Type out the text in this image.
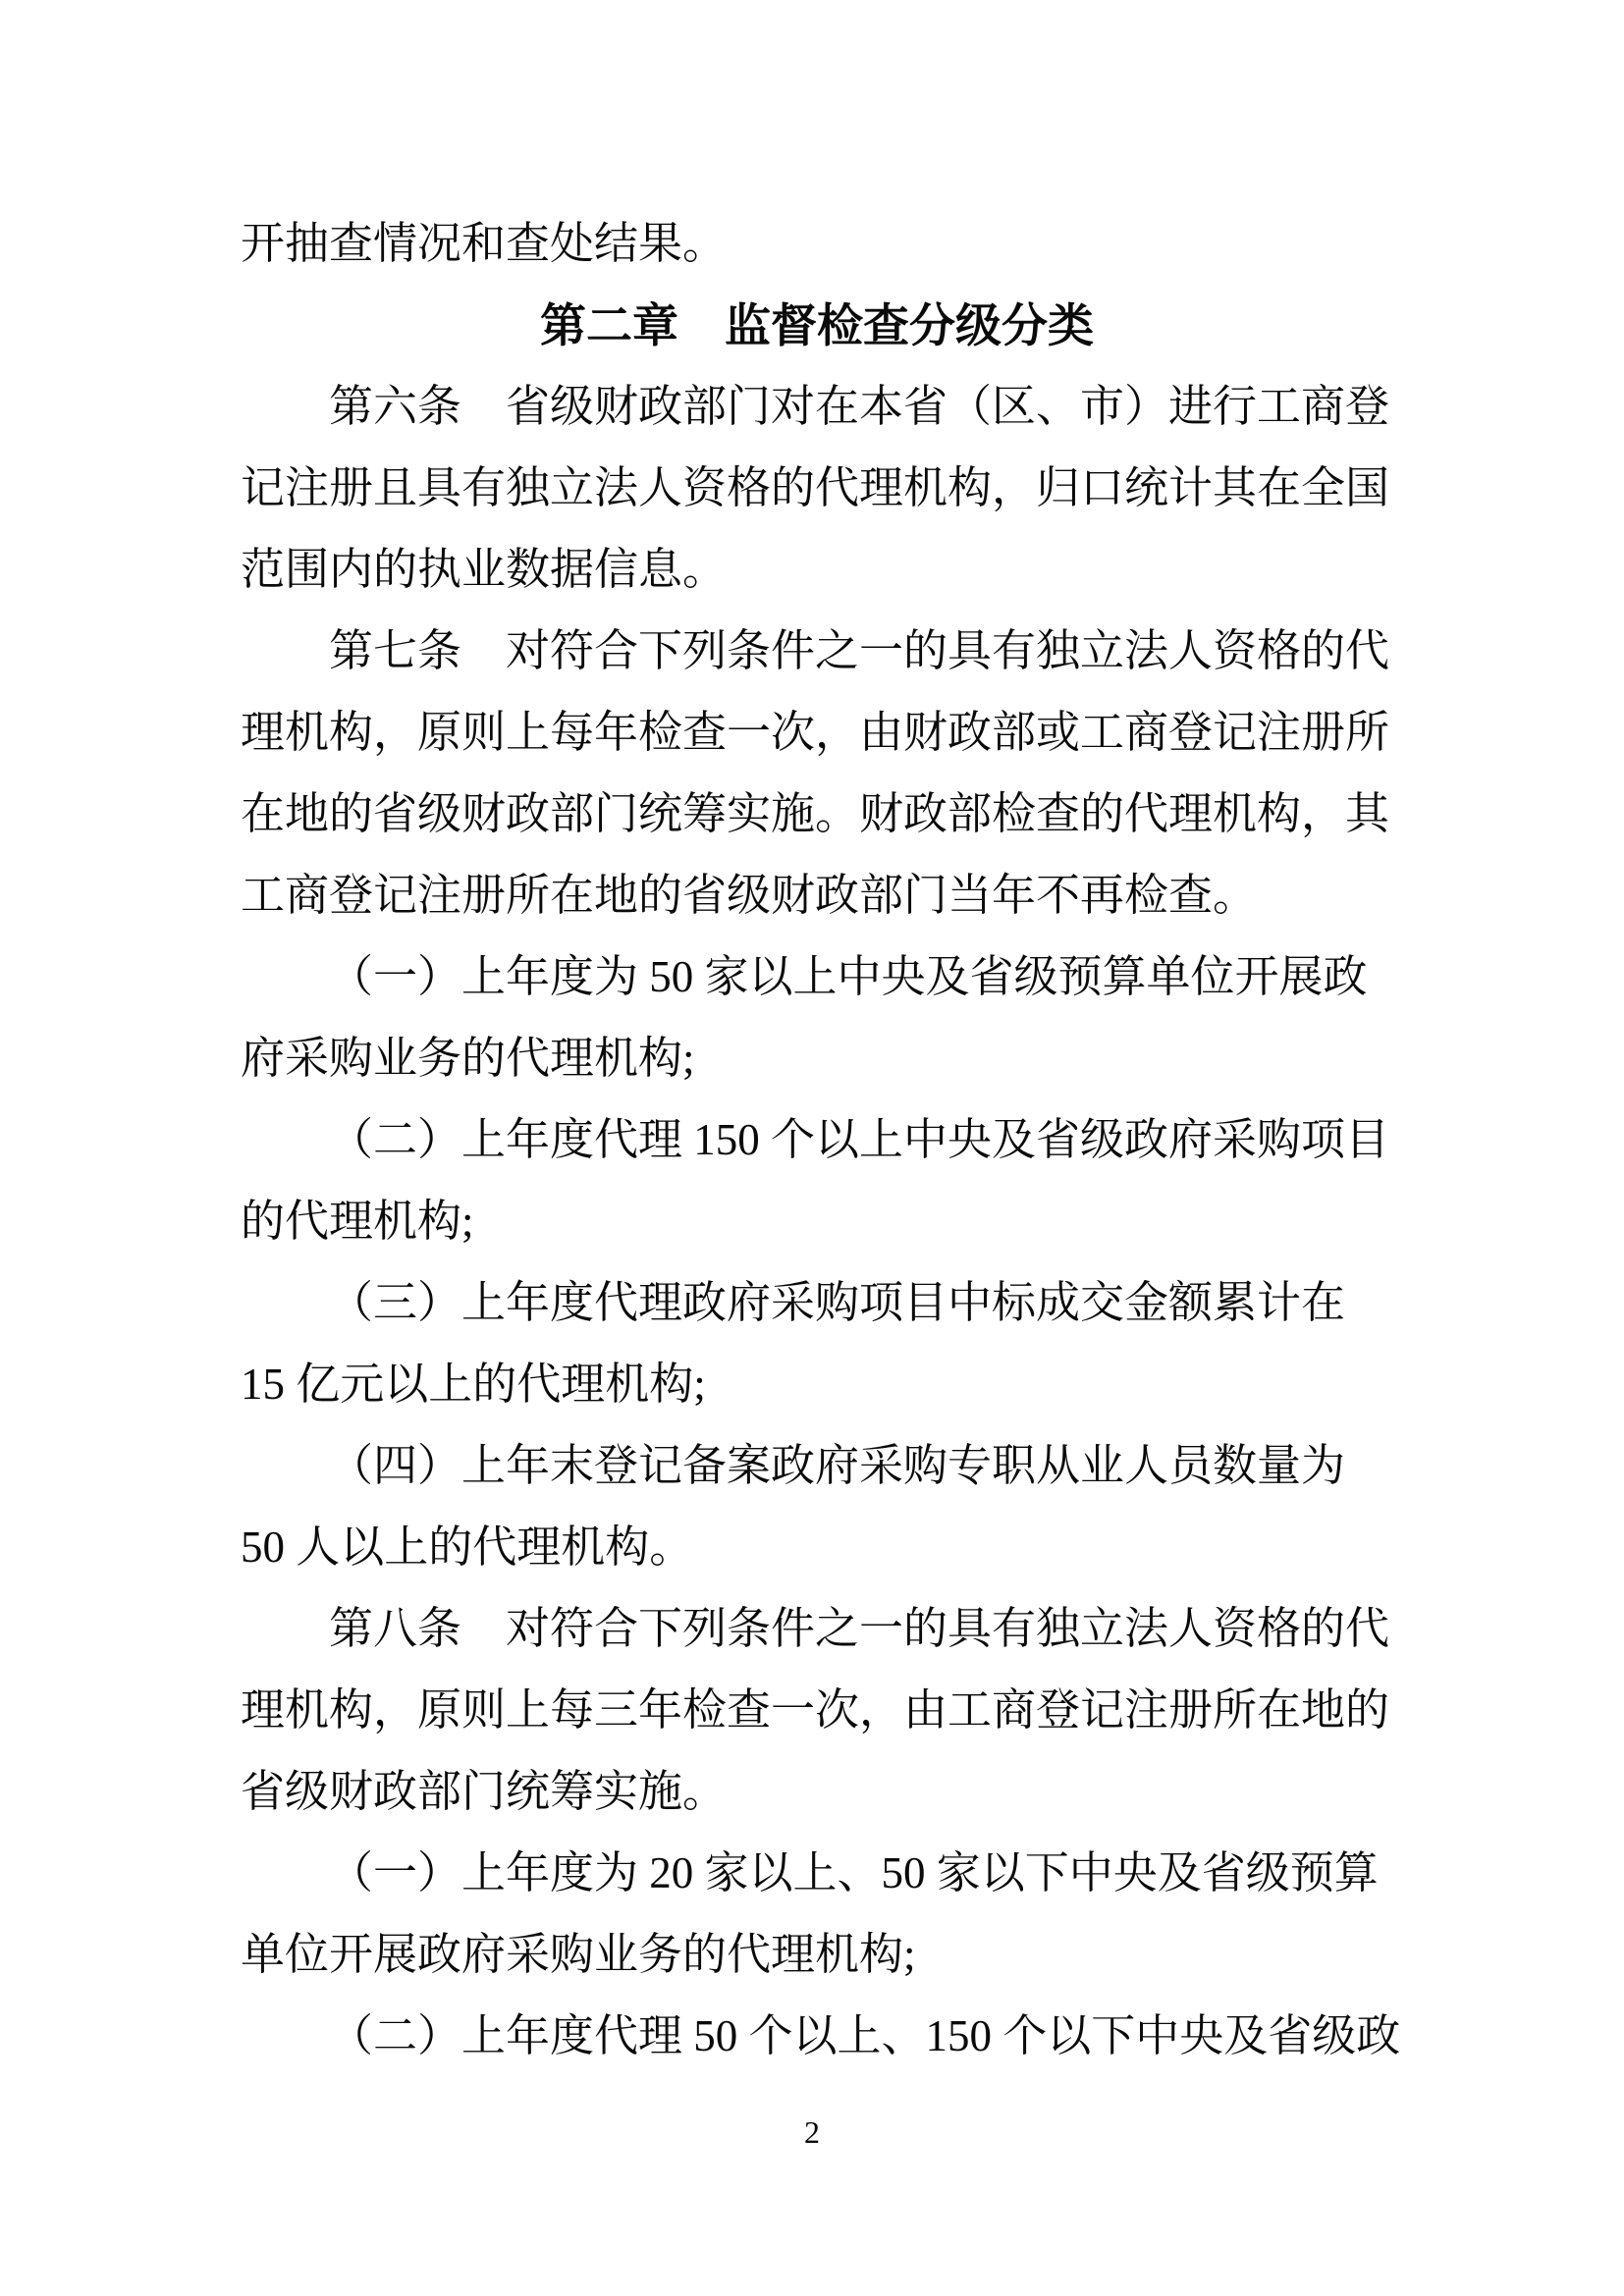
开抽查情况和查处结果。
第二章　监督检查分级分类
第六条　省级财政部门对在本省（区、市）进行工商登
记注册且具有独立法人资格的代理机构，归口统计其在全国
范围内的执业数据信息。
第七条　对符合下列条件之一的具有独立法人资格的代
理机构，原则上每年检查一次，由财政部或工商登记注册所
在地的省级财政部门统筹实施。财政部检查的代理机构，其
工商登记注册所在地的省级财政部门当年不再检查。
（一）上年度为 50 家以上中央及省级预算单位开展政
府采购业务的代理机构;
（二）上年度代理 150 个以上中央及省级政府采购项目
的代理机构;
（三）上年度代理政府采购项目中标成交金额累计在
15 亿元以上的代理机构;
（四）上年末登记备案政府采购专职从业人员数量为
50 人以上的代理机构。
第八条　对符合下列条件之一的具有独立法人资格的代
理机构，原则上每三年检查一次，由工商登记注册所在地的
省级财政部门统筹实施。
（一）上年度为 20 家以上、50 家以下中央及省级预算
单位开展政府采购业务的代理机构;
（二）上年度代理 50 个以上、150 个以下中央及省级政
2
